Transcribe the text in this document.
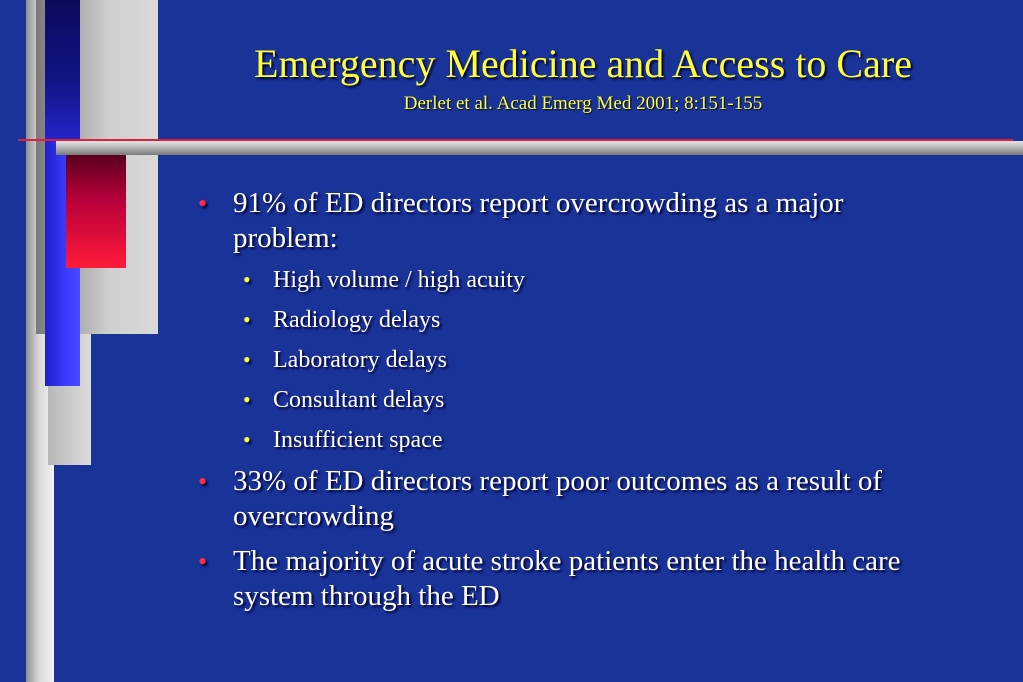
Emergency Medicine and Access to Care
Derlet et al. Acad Emerg Med 2001; 8:151-155
• 91% of ED directors report overcrowding as a major problem:
• High volume / high acuity
• Radiology delays
• Laboratory delays
• Consultant delays
• Insufficient space
• 33% of ED directors report poor outcomes as a result of overcrowding
• The majority of acute stroke patients enter the health care system through the ED
